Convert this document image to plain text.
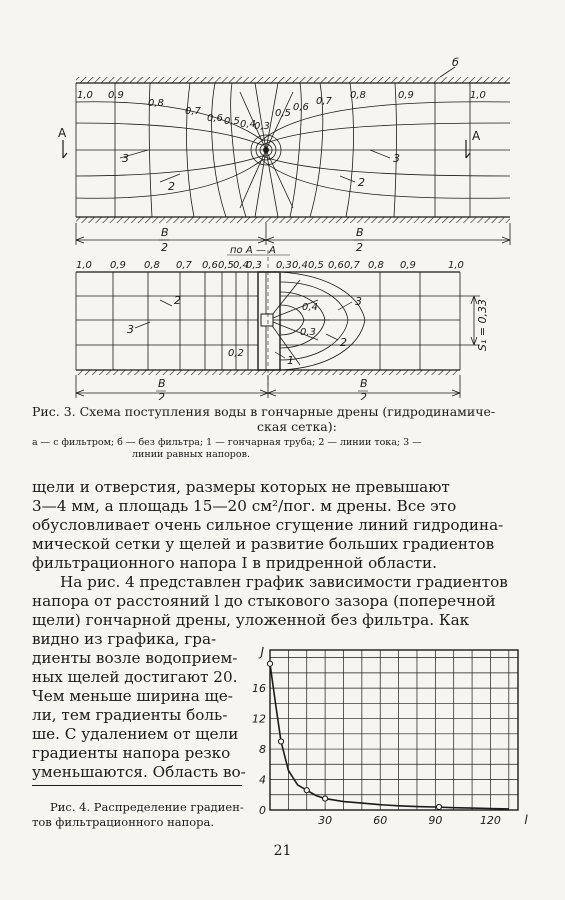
б
1,0 0,9
0,8
0,7
0,6 0,5 0,4
0,3
0,5
0,6
0,7
0,8	0,9	1,0
3
2
3
2
А	А
B
2
B
2
по А — А
1,0 0,9 0,8 0,7 0,6 0,5 0,4
0,3 0,3 0,4 0,5 0,6 0,7 0,8 0,9	1,0
0,4
0,3
0,2
3
2	3
2
1
S₁ = 0,33
B
2
B
2
Рис. 3. Схема поступления воды в гончарные дрены (гидродинамиче-
ская сетка):
а — с фильтром; б — без фильтра; 1 — гончарная труба; 2 — линии тока; 3 —
линии равных напоров.
щели и отверстия, размеры которых не превышают
3—4 мм, а площадь 15—20 см²/пог. м дрены. Все это
обусловливает очень сильное сгущение линий гидродина-
мической сетки у щелей и развитие больших градиентов
фильтрационного напора I в придренной области.
На рис. 4 представлен график зависимости градиентов
напора от расстояний l до стыкового зазора (поперечной
щели) гончарной дрены, уложенной без фильтра. Как
видно из графика, гра-
диенты возле водоприем-
ных щелей достигают 20.
Чем меньше ширина ще-
ли, тем градиенты боль-
ше. С удалением от щели
градиенты напора резко
уменьшаются. Область во-
30	60	90	120
0
4
8
12
16
l
J
Рис. 4. Распределение градиен-
тов фильтрационного напора.
21
